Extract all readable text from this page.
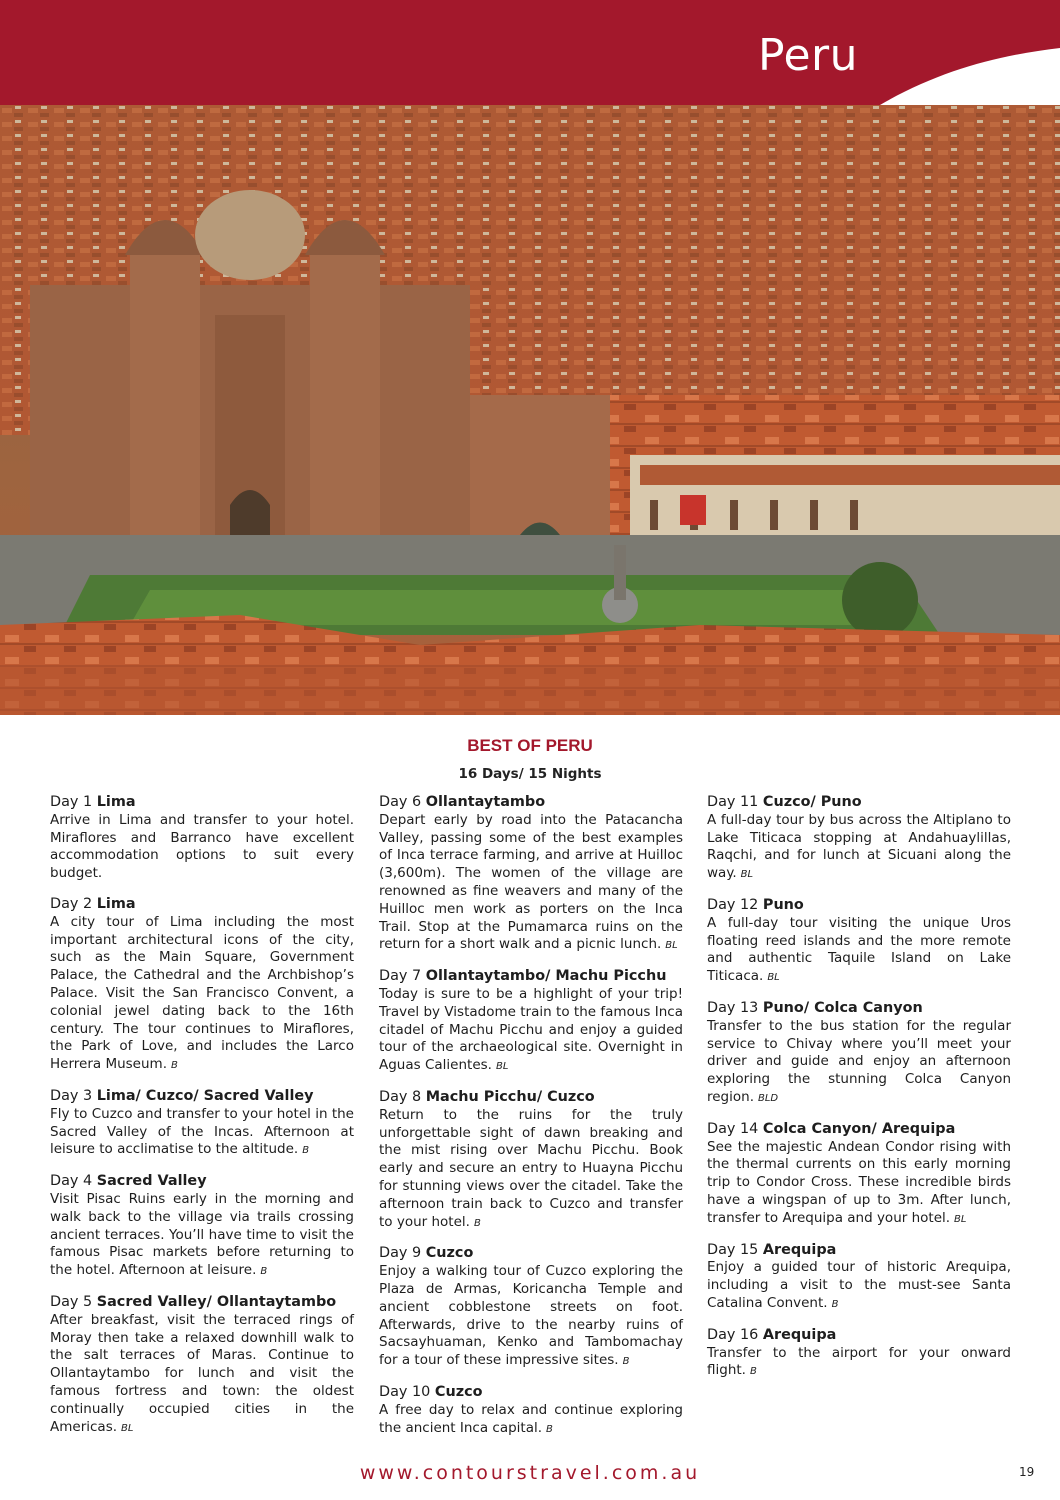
Peru
BEST OF PERU
16 Days/ 15 Nights
Day 1 Lima
Arrive in Lima and transfer to your hotel. Miraflores and Barranco have excellent accommodation options to suit every budget.
Day 2 Lima
A city tour of Lima including the most important architectural icons of the city, such as the Main Square, Government Palace, the Cathedral and the Archbishop’s Palace. Visit the San Francisco Convent, a colonial jewel dating back to the 16th century. The tour continues to Miraflores, the Park of Love, and includes the Larco Herrera Museum. B
Day 3 Lima/ Cuzco/ Sacred Valley
Fly to Cuzco and transfer to your hotel in the Sacred Valley of the Incas. Afternoon at leisure to acclimatise to the altitude. B
Day 4 Sacred Valley
Visit Pisac Ruins early in the morning and walk back to the village via trails crossing ancient terraces. You’ll have time to visit the famous Pisac markets before returning to the hotel. Afternoon at leisure. B
Day 5 Sacred Valley/ Ollantaytambo
After breakfast, visit the terraced rings of Moray then take a relaxed downhill walk to the salt terraces of Maras. Continue to Ollantaytambo for lunch and visit the famous fortress and town: the oldest continually occupied cities in the Americas. BL
Day 6 Ollantaytambo
Depart early by road into the Patacancha Valley, passing some of the best examples of Inca terrace farming, and arrive at Huilloc (3,600m). The women of the village are renowned as fine weavers and many of the Huilloc men work as porters on the Inca Trail. Stop at the Pumamarca ruins on the return for a short walk and a picnic lunch. BL
Day 7 Ollantaytambo/ Machu Picchu
Today is sure to be a highlight of your trip! Travel by Vistadome train to the famous Inca citadel of Machu Picchu and enjoy a guided tour of the archaeological site. Overnight in Aguas Calientes. BL
Day 8 Machu Picchu/ Cuzco
Return to the ruins for the truly unforgettable sight of dawn breaking and the mist rising over Machu Picchu. Book early and secure an entry to Huayna Picchu for stunning views over the citadel. Take the afternoon train back to Cuzco and transfer to your hotel. B
Day 9 Cuzco
Enjoy a walking tour of Cuzco exploring the Plaza de Armas, Koricancha Temple and ancient cobblestone streets on foot. Afterwards, drive to the nearby ruins of Sacsayhuaman, Kenko and Tambomachay for a tour of these impressive sites. B
Day 10 Cuzco
A free day to relax and continue exploring the ancient Inca capital. B
Day 11 Cuzco/ Puno
A full-day tour by bus across the Altiplano to Lake Titicaca stopping at Andahuaylillas, Raqchi, and for lunch at Sicuani along the way. BL
Day 12 Puno
A full-day tour visiting the unique Uros floating reed islands and the more remote and authentic Taquile Island on Lake Titicaca. BL
Day 13 Puno/ Colca Canyon
Transfer to the bus station for the regular service to Chivay where you’ll meet your driver and guide and enjoy an afternoon exploring the stunning Colca Canyon region. BLD
Day 14 Colca Canyon/ Arequipa
See the majestic Andean Condor rising with the thermal currents on this early morning trip to Condor Cross. These incredible birds have a wingspan of up to 3m. After lunch, transfer to Arequipa and your hotel. BL
Day 15 Arequipa
Enjoy a guided tour of historic Arequipa, including a visit to the must-see Santa Catalina Convent. B
Day 16 Arequipa
Transfer to the airport for your onward flight. B
www.contourstravel.com.au	19
